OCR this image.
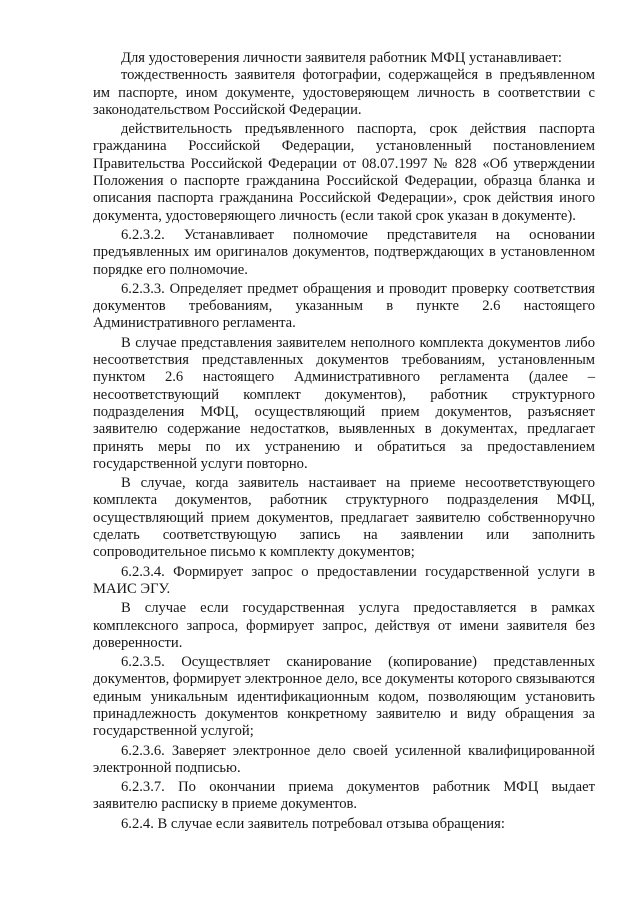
Для удостоверения личности заявителя работник МФЦ устанавливает:

тождественность заявителя фотографии, содержащейся в предъявленном им паспорте, ином документе, удостоверяющем личность в соответствии с законодательством Российской Федерации.

действительность предъявленного паспорта, срок действия паспорта гражданина Российской Федерации, установленный постановлением Правительства Российской Федерации от 08.07.1997 № 828 «Об утверждении Положения о паспорте гражданина Российской Федерации, образца бланка и описания паспорта гражданина Российской Федерации», срок действия иного документа, удостоверяющего личность (если такой срок указан в документе).

6.2.3.2. Устанавливает полномочие представителя на основании предъявленных им оригиналов документов, подтверждающих в установленном порядке его полномочие.

6.2.3.3. Определяет предмет обращения и проводит проверку соответствия документов требованиям, указанным в пункте 2.6 настоящего Административного регламента.

В случае представления заявителем неполного комплекта документов либо несоответствия представленных документов требованиям, установленным пунктом 2.6 настоящего Административного регламента (далее – несоответствующий комплект документов), работник структурного подразделения МФЦ, осуществляющий прием документов, разъясняет заявителю содержание недостатков, выявленных в документах, предлагает принять меры по их устранению и обратиться за предоставлением государственной услуги повторно.

В случае, когда заявитель настаивает на приеме несоответствующего комплекта документов, работник структурного подразделения МФЦ, осуществляющий прием документов, предлагает заявителю собственноручно сделать соответствующую запись на заявлении или заполнить сопроводительное письмо к комплекту документов;

6.2.3.4. Формирует запрос о предоставлении государственной услуги в МАИС ЭГУ.

В случае если государственная услуга предоставляется в рамках комплексного запроса, формирует запрос, действуя от имени заявителя без доверенности.

6.2.3.5. Осуществляет сканирование (копирование) представленных документов, формирует электронное дело, все документы которого связываются единым уникальным идентификационным кодом, позволяющим установить принадлежность документов конкретному заявителю и виду обращения за государственной услугой;

6.2.3.6. Заверяет электронное дело своей усиленной квалифицированной электронной подписью.

6.2.3.7. По окончании приема документов работник МФЦ выдает заявителю расписку в приеме документов.

6.2.4. В случае если заявитель потребовал отзыва обращения:
